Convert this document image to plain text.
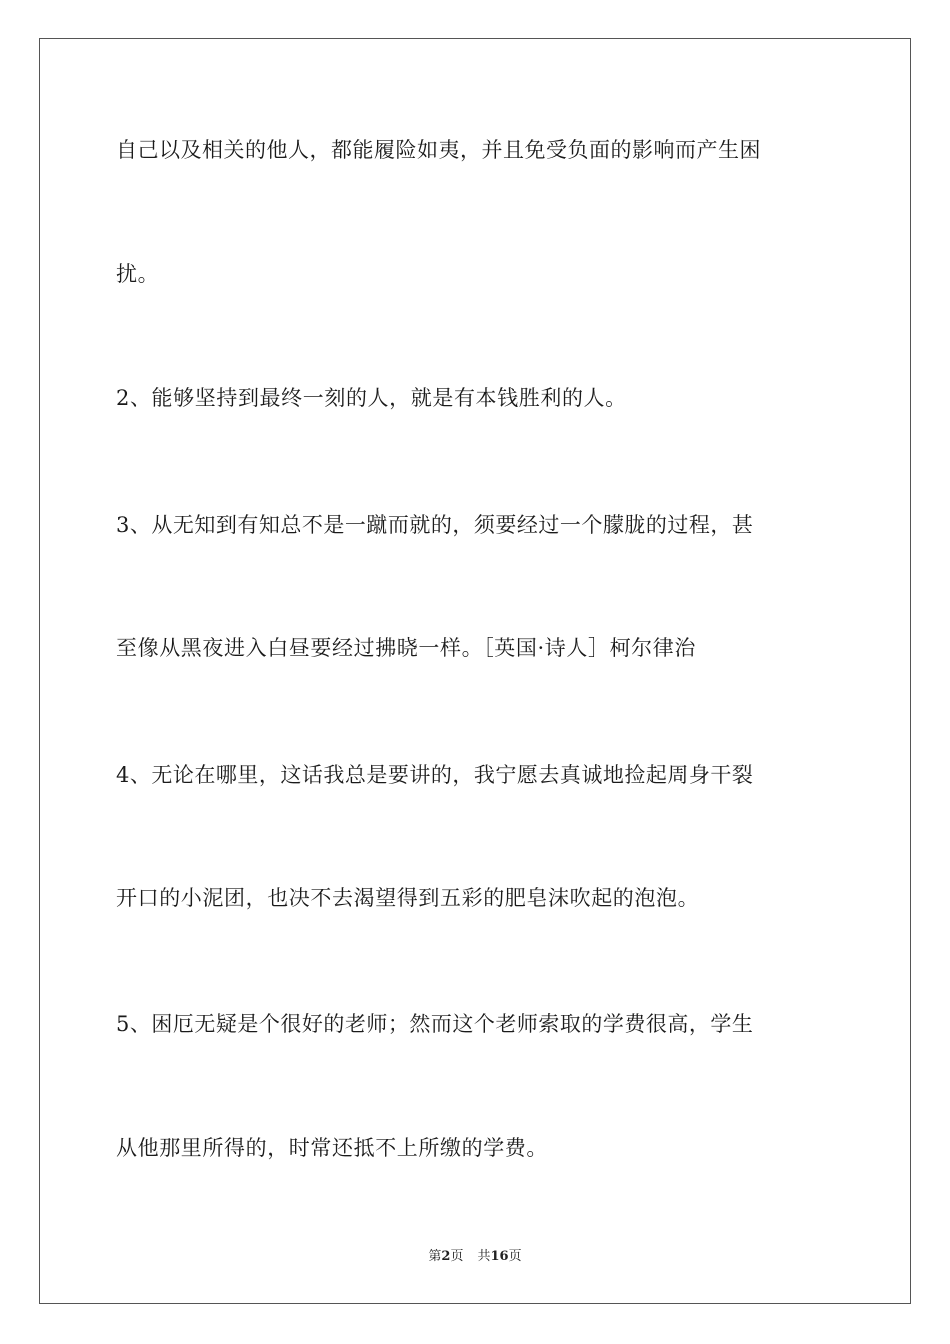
自己以及相关的他人，都能履险如夷，并且免受负面的影响而产生困
扰。
2、能够坚持到最终一刻的人，就是有本钱胜利的人。
3、从无知到有知总不是一蹴而就的，须要经过一个朦胧的过程，甚
至像从黑夜进入白昼要经过拂晓一样。［英国·诗人］柯尔律治
4、无论在哪里，这话我总是要讲的，我宁愿去真诚地捡起周身干裂
开口的小泥团，也决不去渴望得到五彩的肥皂沫吹起的泡泡。
5、困厄无疑是个很好的老师；然而这个老师索取的学费很高，学生
从他那里所得的，时常还抵不上所缴的学费。
第2页 共16页
